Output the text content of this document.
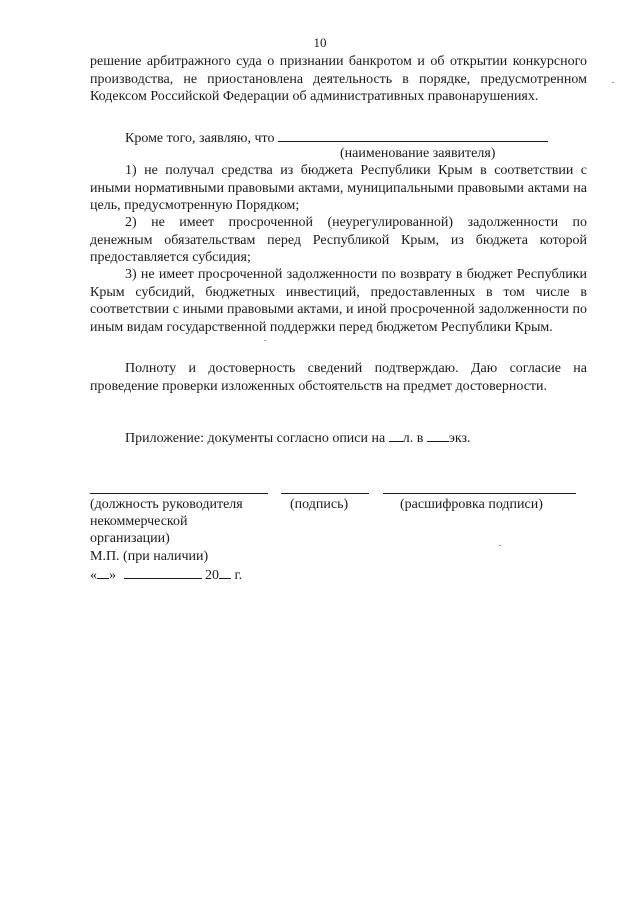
10

решение арбитражного суда о признании банкротом и об открытии конкурсного производства, не приостановлена деятельность в порядке, предусмотренном Кодексом Российской Федерации об административных правонарушениях.

Кроме того, заявляю, что
(наименование заявителя)

1) не получал средства из бюджета Республики Крым в соответствии с иными нормативными правовыми актами, муниципальными правовыми актами на цель, предусмотренную Порядком;

2) не имеет просроченной (неурегулированной) задолженности по денежным обязательствам перед Республикой Крым, из бюджета которой предоставляется субсидия;

3) не имеет просроченной задолженности по возврату в бюджет Республики Крым субсидий, бюджетных инвестиций, предоставленных в том числе в соответствии с иными правовыми актами, и иной просроченной задолженности по иным видам государственной поддержки перед бюджетом Республики Крым.

Полноту и достоверность сведений подтверждаю. Даю согласие на проведение проверки изложенных обстоятельств на предмет достоверности.

Приложение: документы согласно описи на л. в экз.
(должность руководителя некоммерческой организации)
(подпись)	(расшифровка подписи)
М.П. (при наличии)
« »	20 г.
